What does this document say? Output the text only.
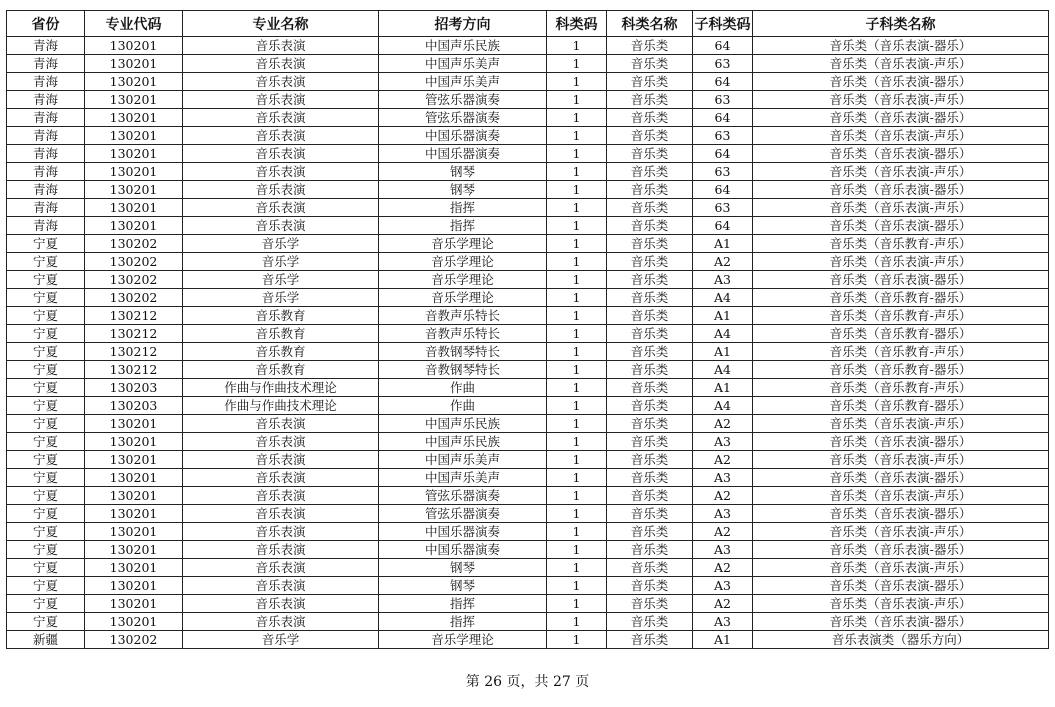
省份	专业代码	专业名称	招考方向	科类码	科类名称	子科类码	子科类名称
青海	130201	音乐表演	中国声乐民族	1	音乐类	64	音乐类（音乐表演-器乐）
青海	130201	音乐表演	中国声乐美声	1	音乐类	63	音乐类（音乐表演-声乐）
青海	130201	音乐表演	中国声乐美声	1	音乐类	64	音乐类（音乐表演-器乐）
青海	130201	音乐表演	管弦乐器演奏	1	音乐类	63	音乐类（音乐表演-声乐）
青海	130201	音乐表演	管弦乐器演奏	1	音乐类	64	音乐类（音乐表演-器乐）
青海	130201	音乐表演	中国乐器演奏	1	音乐类	63	音乐类（音乐表演-声乐）
青海	130201	音乐表演	中国乐器演奏	1	音乐类	64	音乐类（音乐表演-器乐）
青海	130201	音乐表演	钢琴	1	音乐类	63	音乐类（音乐表演-声乐）
青海	130201	音乐表演	钢琴	1	音乐类	64	音乐类（音乐表演-器乐）
青海	130201	音乐表演	指挥	1	音乐类	63	音乐类（音乐表演-声乐）
青海	130201	音乐表演	指挥	1	音乐类	64	音乐类（音乐表演-器乐）
宁夏	130202	音乐学	音乐学理论	1	音乐类	A1	音乐类（音乐教育-声乐）
宁夏	130202	音乐学	音乐学理论	1	音乐类	A2	音乐类（音乐表演-声乐）
宁夏	130202	音乐学	音乐学理论	1	音乐类	A3	音乐类（音乐表演-器乐）
宁夏	130202	音乐学	音乐学理论	1	音乐类	A4	音乐类（音乐教育-器乐）
宁夏	130212	音乐教育	音教声乐特长	1	音乐类	A1	音乐类（音乐教育-声乐）
宁夏	130212	音乐教育	音教声乐特长	1	音乐类	A4	音乐类（音乐教育-器乐）
宁夏	130212	音乐教育	音教钢琴特长	1	音乐类	A1	音乐类（音乐教育-声乐）
宁夏	130212	音乐教育	音教钢琴特长	1	音乐类	A4	音乐类（音乐教育-器乐）
宁夏	130203	作曲与作曲技术理论	作曲	1	音乐类	A1	音乐类（音乐教育-声乐）
宁夏	130203	作曲与作曲技术理论	作曲	1	音乐类	A4	音乐类（音乐教育-器乐）
宁夏	130201	音乐表演	中国声乐民族	1	音乐类	A2	音乐类（音乐表演-声乐）
宁夏	130201	音乐表演	中国声乐民族	1	音乐类	A3	音乐类（音乐表演-器乐）
宁夏	130201	音乐表演	中国声乐美声	1	音乐类	A2	音乐类（音乐表演-声乐）
宁夏	130201	音乐表演	中国声乐美声	1	音乐类	A3	音乐类（音乐表演-器乐）
宁夏	130201	音乐表演	管弦乐器演奏	1	音乐类	A2	音乐类（音乐表演-声乐）
宁夏	130201	音乐表演	管弦乐器演奏	1	音乐类	A3	音乐类（音乐表演-器乐）
宁夏	130201	音乐表演	中国乐器演奏	1	音乐类	A2	音乐类（音乐表演-声乐）
宁夏	130201	音乐表演	中国乐器演奏	1	音乐类	A3	音乐类（音乐表演-器乐）
宁夏	130201	音乐表演	钢琴	1	音乐类	A2	音乐类（音乐表演-声乐）
宁夏	130201	音乐表演	钢琴	1	音乐类	A3	音乐类（音乐表演-器乐）
宁夏	130201	音乐表演	指挥	1	音乐类	A2	音乐类（音乐表演-声乐）
宁夏	130201	音乐表演	指挥	1	音乐类	A3	音乐类（音乐表演-器乐）
新疆	130202	音乐学	音乐学理论	1	音乐类	A1	音乐表演类（器乐方向）
第 26 页，共 27 页
